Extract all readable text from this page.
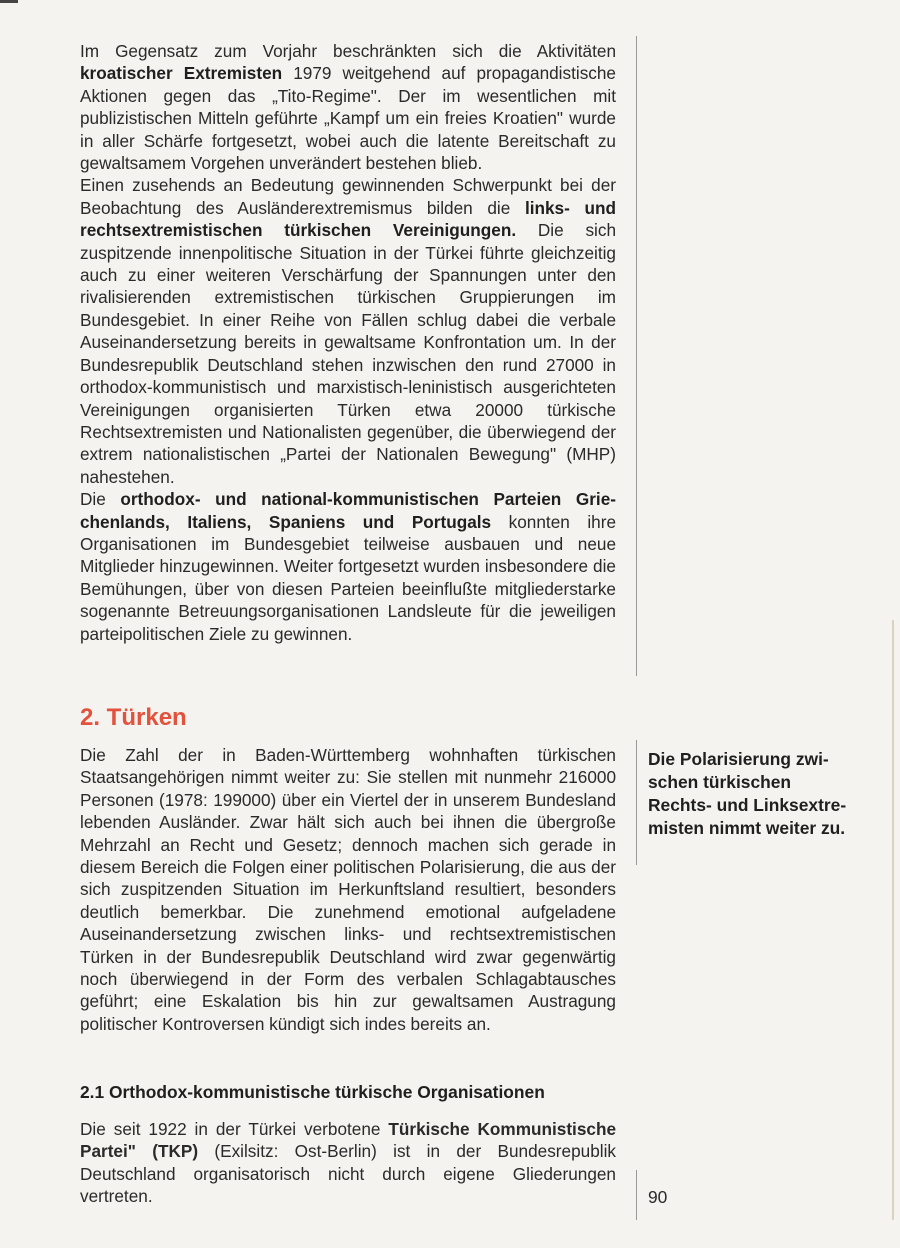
Im Gegensatz zum Vorjahr beschränkten sich die Aktivitäten kroatischer Extremisten 1979 weitgehend auf propagandistische Aktionen gegen das „Tito-Regime". Der im wesentlichen mit publizistischen Mitteln geführte „Kampf um ein freies Kroatien" wurde in aller Schärfe fortgesetzt, wobei auch die latente Bereitschaft zu gewaltsamem Vorgehen unverändert bestehen blieb.

Einen zusehends an Bedeutung gewinnenden Schwerpunkt bei der Beobachtung des Ausländerextremismus bilden die links- und rechtsextremistischen türkischen Vereinigungen. Die sich zuspitzende innenpolitische Situation in der Türkei führte gleichzeitig auch zu einer weiteren Verschärfung der Spannungen unter den rivalisierenden extremistischen türkischen Gruppierungen im Bundesgebiet. In einer Reihe von Fällen schlug dabei die verbale Auseinandersetzung bereits in gewaltsame Konfrontation um. In der Bundesrepublik Deutschland stehen inzwischen den rund 27000 in orthodox-kommunistisch und marxistisch-leninistisch ausgerichteten Vereinigungen organisierten Türken etwa 20000 türkische Rechtsextremisten und Nationalisten gegenüber, die überwiegend der extrem nationalistischen „Partei der Nationalen Bewegung" (MHP) nahestehen.

Die orthodox- und national-kommunistischen Parteien Griechenlands, Italiens, Spaniens und Portugals konnten ihre Organisationen im Bundesgebiet teilweise ausbauen und neue Mitglieder hinzugewinnen. Weiter fortgesetzt wurden insbesondere die Bemühungen, über von diesen Parteien beeinflußte mitgliederstarke sogenannte Betreuungsorganisationen Landsleute für die jeweiligen parteipolitischen Ziele zu gewinnen.

2. Türken

Die Zahl der in Baden-Württemberg wohnhaften türkischen Staatsangehörigen nimmt weiter zu: Sie stellen mit nunmehr 216000 Personen (1978: 199000) über ein Viertel der in unserem Bundesland lebenden Ausländer. Zwar hält sich auch bei ihnen die übergroße Mehrzahl an Recht und Gesetz; dennoch machen sich gerade in diesem Bereich die Folgen einer politischen Polarisierung, die aus der sich zuspitzenden Situation im Herkunftsland resultiert, besonders deutlich bemerkbar. Die zunehmend emotional aufgeladene Auseinandersetzung zwischen links- und rechtsextremistischen Türken in der Bundesrepublik Deutschland wird zwar gegenwärtig noch überwiegend in der Form des verbalen Schlagabtausches geführt; eine Eskalation bis hin zur gewaltsamen Austragung politischer Kontroversen kündigt sich indes bereits an.

Die Polarisierung zwischen türkischen Rechts- und Linksextremisten nimmt weiter zu.
2.1 Orthodox-kommunistische türkische Organisationen

Die seit 1922 in der Türkei verbotene Türkische Kommunistische Partei" (TKP) (Exilsitz: Ost-Berlin) ist in der Bundesrepublik Deutschland organisatorisch nicht durch eigene Gliederungen vertreten.	90
